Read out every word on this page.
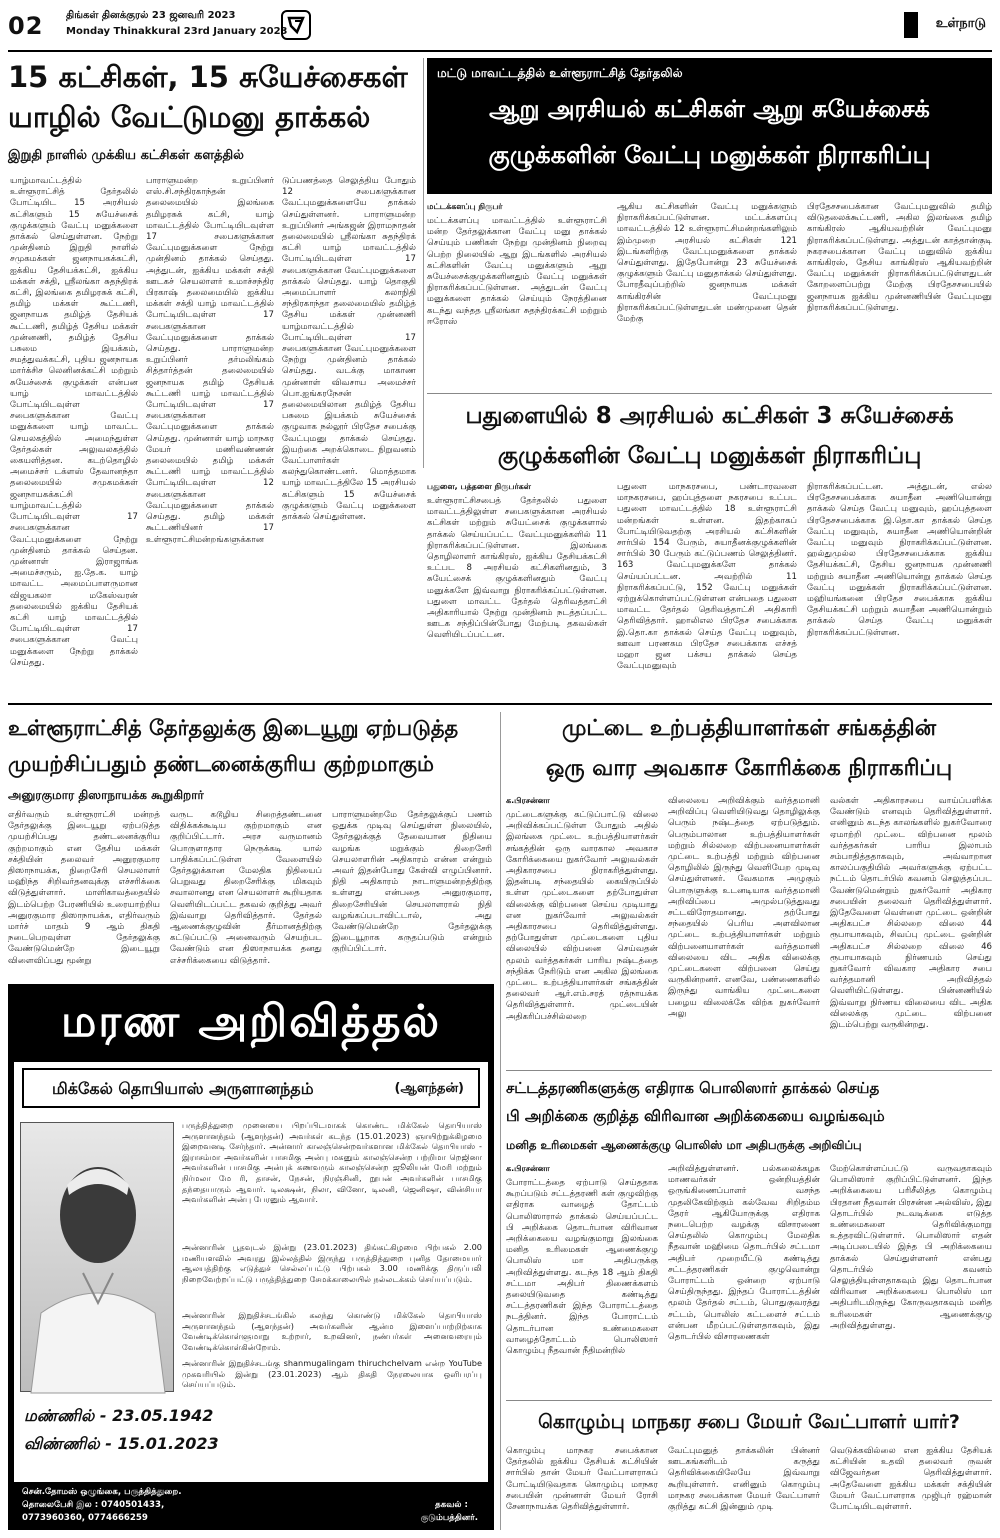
02 திங்கள் தினக்குரல் 23 ஜனவரி 2023
Monday Thinakkural 23rd January 2023
உள்நாடு
15 கட்சிகள், 15 சுயேச்சைகள்
யாழில் வேட்டுமனு தாக்கல்
இறுதி நாளில் முக்கிய கட்சிகள் களத்தில்
யாழ்மாவட்டத்தில் உள்ளூராட்சித் தேர்தலில் போட்டியிட 15 அரசியல் கட்சிகளும் 15 சுயேச்சைக் குழுக்களும் வேட்பு மனுக்களை தாக்கல் செய்துள்ளன. நேற்று முன்தினம் இறுதி நாளில் சமுகமக்கள் ஜனநாயகக்கட்சி, ஐக்கிய தேசியக்கட்சி, ஐக்கிய மக்கள் சக்தி, ஸ்ரீலங்கா சுதந்திரக் கட்சி, இலங்கை தமிழரசுக் கட்சி, தமிழ் மக்கள் கூட்டணி, ஜனநாயக தமிழ்த் தேசியக் கூட்டணி, தமிழ்த் தேசிய மக்கள் முன்னணி, தமிழ்த் தேசிய பசுமை இயக்கம், சமத்துவக்கட்சி, புதிய ஜனநாயக மார்க்சிச லெனினக்கட்சி மற்றும் சுயேச்சைக் குழுக்கள் என்பன யாழ் மாவட்டத்தில் போட்டியிடவுள்ள சபைகளுக்கான வேட்பு மனுக்களை யாழ் மாவட்ட செயலகத்தில் அமைந்துள்ள தேர்தல்கள் அலுவலகத்தில் கையளித்தன. கடற்தொழில் அமைச்சர் டக்ளஸ் தேவானந்தா தலைமையில் சமுகமக்கள் ஜனநாயகக்கட்சி யாழ்மாவட்டத்தில் போட்டியிடவுள்ள 17 சபைகளுக்கான வேட்புமனுக்களை நேற்று முன்தினம் தாக்கல் செய்தன. முன்னாள் இராஜாங்க அமைச்சரும், ஐ.தே.க. யாழ் மாவட்ட அமைப்பாளருமான விஜயகலா மகேஸ்வரன் தலைமையில் ஐக்கிய தேசியக் கட்சி யாழ் மாவட்டத்தில் போட்டியிடவுள்ள 17 சபைகளுக்கான வேட்பு மனுக்களை நேற்று தாக்கல் செய்தது.
பாராளுமன்ற உறுப்பினர் எஸ்.சி.சந்திரகாந்தன் தலைமையில் இலங்கை தமிழரசுக் கட்சி, யாழ் மாவட்டத்தில் போட்டியிடவுள்ள 17 சபைகளுக்கான வேட்புமனுக்களை நேற்று முன்தினம் தாக்கல் செய்தது. அத்துடன், ஐக்கிய மக்கள் சக்தி ஊடகச் செயலாளர் உமாச்சந்திர பிரகாஷ் தலைமையில் ஐக்கிய மக்கள் சக்தி யாழ் மாவட்டத்தில் போட்டியிடவுள்ள 17 சபைகளுக்கான வேட்புமனுக்களை தாக்கல் செய்தது. பாராளுமன்ற உறுப்பினர் தர்மலிங்கம் சித்தார்த்தன் தலைமையில் ஜனநாயக தமிழ் தேசியக் கூட்டணி யாழ் மாவட்டத்தில் போட்டியிடவுள்ள 17 சபைகளுக்கான வேட்புமனுக்களை தாக்கல் செய்தது. முன்னாள் யாழ் மாநகர மேயர் மணிவண்ணன் தலைமையில் தமிழ் மக்கள் கூட்டணி யாழ் மாவட்டத்தில் போட்டியிடவுள்ள 12 சபைகளுக்கான வேட்புமனுக்களை தாக்கல் செய்தது. தமிழ் மக்கள் கூட்டணியினர் 17 உள்ளூராட்சிமன்றங்களுக்கான
டுப்பணத்தை செலுத்திய போதும் 12 சபைகளுக்கான வேட்புமனுக்களையே தாக்கல் செய்துள்ளனர். பாராளுமன்ற உறுப்பினர் அங்கஜன் இராமநாதன் தலைமையில் ஸ்ரீலங்கா சுதந்திரக் கட்சி யாழ் மாவட்டத்தில் போட்டியிடவுள்ள 17 சபைகளுக்கான வேட்புமனுக்களை தாக்கல் செய்தது. யாழ் தொகுதி அமைப்பாளர் கலாநிதி சந்திரகாந்தா தலைமையில் தமிழ்த் தேசிய மக்கள் முன்னணி யாழ்மாவட்டத்தில் போட்டியிடவுள்ள 17 சபைகளுக்கான வேட்புமனுக்களை நேற்று முன்தினம் தாக்கல் செய்தது. வடக்கு மாகாண முன்னாள் விவசாய அமைச்சர் பொ.ஐங்கரநேசன் தலைமையிலான தமிழ்த் தேசிய பசுமை இயக்கம் சுயேச்சைக் குழுவாக நல்லூர் பிரதேச சபைக்கு வேட்புமனு தாக்கல் செய்தது. இயற்கை அறக்கொடை நிறுவனம் வேட்பாளர்கள் கலந்துகொண்டனர். மொத்தமாக யாழ் மாவட்டத்திலே 15 அரசியல் கட்சிகளும் 15 சுயேச்சைக் குழுக்களும் வேட்பு மனுக்களை தாக்கல் செய்துள்ளன.
மட்டு மாவட்டத்தில் உள்ளூராட்சித் தேர்தலில்
ஆறு அரசியல் கட்சிகள் ஆறு சுயேச்சைக்
குழுக்களின் வேட்பு மனுக்கள் நிராகரிப்பு
மட்டக்களப்பு நிருபர்
மட்டக்களப்பு மாவட்டத்தில் உள்ளூராட்சி மன்ற தேர்தலுக்கான வேட்பு மனு தாக்கல் செய்யும் பணிகள் நேற்று முன்தினம் நிறைவு பெற்ற நிலையில் ஆறு இடங்களில் அரசியல் கட்சிகளின் வேட்பு மனுக்களும் ஆறு சுயேச்சைக்குழுக்களினதும் வேட்பு மனுக்கள் நிராகரிக்கப்பட்டுள்ளன. அத்துடன் வேட்பு மனுக்களை தாக்கல் செய்யும் நேரத்தினை கடந்து வந்தத ஸ்ரீலங்கா சுதந்திரக்கட்சி மற்றும் ஈரோஸ்
ஆகிய கட்சிகளின் வேட்பு மனுக்களும் நிராகரிக்கப்பட்டுள்ளன. மட்டக்களப்பு மாவட்டத்தில் 12 உள்ளூராட்சிமன்றங்களிலும் இம்முறை அரசியல் கட்சிகள் 121 இடங்களிற்கு வேட்புமனுக்களை தாக்கல் செய்துள்ளது. இதேபோன்று 23 சுயேச்சைக் குழுக்களும் வேட்பு மனுதாக்கல் செய்துள்ளது. போரதீவுப்பற்றில் ஜனநாயக மக்கள் காங்கிரசின் வேட்புமனு நிராகரிக்கப்பட்டுள்ளதுடன் மண்முனை தென் மேற்கு
பிரதேசசபைக்கான வேட்புமனுவில் தமிழ் விடுதலைக்கூட்டணி, அகில இலங்கை தமிழ் காங்கிரஸ் ஆகியவற்றின் வேட்புமனு நிராகரிக்கப்பட்டுள்ளது. அத்துடன் காத்தான்குடி நகரசபைக்கான வேட்பு மனுவில் ஐக்கிய காங்கிரஸ், தேசிய காங்கிரஸ் ஆகியவற்றின் வேட்பு மனுக்கள் நிராகரிக்கப்பட்டுள்ளதுடன் கோறளைப்பற்று மேற்கு பிரதேசசபையில் ஜனநாயக ஐக்கிய முன்னணியின் வேட்புமனு நிராகரிக்கப்பட்டுள்ளது.
பதுளையில் 8 அரசியல் கட்சிகள் 3 சுயேச்சைக்
குழுக்களின் வேட்பு மனுக்கள் நிராகரிப்பு
பதுளை, பத்தளை நிருபர்கள்
உள்ளூராட்சிசபைத் தேர்தலில் பதுளை மாவட்டத்திலுள்ள சபைகளுக்கான அரசியல் கட்சிகள் மற்றும் சுயேட்சைக் குழுக்களால் தாக்கல் செய்யப்பட்ட வேட்புமனுக்களில் 11 நிராகரிக்கப்பட்டுள்ளன. இலங்கை தொழிலாளர் காங்கிரஸ், ஐக்கிய தேசியக்கட்சி உட்பட 8 அரசியல் கட்சிகளினதும், 3 சுயேட்சைக் குழுக்களினதும் வேட்பு மனுக்களே இவ்வாறு நிராகரிக்கப்பட்டுள்ளன. பதுளை மாவட்ட தேர்தல் தெரிவத்தாட்சி அதிகாரியால் நேற்று முன்தினம் நடத்தப்பட்ட ஊடக சந்திப்பின்போது மேற்படி தகவல்கள் வெளியிடப்பட்டன.
பதுளை மாநகரசபை, பண்டாரவளை மாநகரசபை, ஹப்புத்தளை நகரசபை உட்பட பதுளை மாவட்டத்தில் 18 உள்ளூராட்சி மன்றங்கள் உள்ளன. இதற்காகப் போட்டியிடுவதற்கு அரசியல் கட்சிகளின் சார்பில் 154 பேரும், சுயாதீனக்குழுக்களின் சார்பில் 30 பேரும் கட்டுப்பணம் செலுத்தினர். 163 வேட்புமனுக்களே தாக்கல் செய்யப்பட்டன. அவற்றில் 11 நிராகரிக்கப்பட்டு, 152 வேட்பு மனுக்கள் ஏற்றுக்கொள்ளப்பட்டுள்ளன என்பதை பதுளை மாவட்ட தேர்தல் தெரிவத்தாட்சி அதிகாரி தெரிவித்தார். ஹாலிஎல பிரதேச சபைக்காக இ.தொ.கா தாக்கல் செய்த வேட்பு மனுவும், ஊவா பரணகம பிரதேச சபைக்காக எச்சத் மஹா ஜன பக்சய தாக்கல் செய்த வேட்புமனுவும்
நிராகரிக்கப்பட்டன. அத்துடன், எல்ல பிரதேசசபைக்காக சுயாதீன அணியொன்று தாக்கல் செய்த வேட்பு மனுவும், ஹப்புத்தளை பிரதேசசபைக்காக இ.தொ.கா தாக்கல் செய்த வேட்பு மனுவும், சுயாதீன அணியொன்றின் வேட்பு மனுவும் நிராகரிக்கப்பட்டுள்ளன. ஹல்துமுல்ல பிரதேசசபைக்காக ஐக்கிய தேசியக்கட்சி, தேசிய ஜனநாயக முன்னணி மற்றும் சுயாதீன அணியொன்று தாக்கல் செய்த வேட்பு மனுக்கள் நிராகரிக்கப்பட்டுள்ளன. மஹியங்கனை பிரதேச சபைக்காக ஐக்கிய தேசியக்கட்சி மற்றும் சுயாதீன அணியொன்றும் தாக்கல் செய்த வேட்பு மனுக்கள் நிராகரிக்கப்பட்டுள்ளன.
உள்ளூராட்சித் தேர்தலுக்கு இடையூறு ஏற்படுத்த
முயற்சிப்பதும் தண்டனைக்குரிய குற்றமாகும்
அனுரகுமார திஸாநாயக்க கூறுகிறார்
எதிர்வரும் உள்ளூராட்சி மன்றத் தேர்தலுக்கு இடையூறு ஏற்படுத்த முயற்சிப்பது தண்டனைக்குரிய குற்றமாகும் என தேசிய மக்கள் சக்தியின் தலைவர் அனுரகுமார திஸாநாயக்க, நிறைசேரி செயலாளர் மஹிந்த சிறிவர்தனவுக்கு எச்சரிக்கை விடுத்துள்ளார். மாளிகாவத்தையில் இடம்பெற்ற பேரணியில் உரையாற்றிய அனுரகுமார திஸாநாயக்க, எதிர்வரும் மார்ச் மாதம் 9 ஆம் திகதி நடைபெறவுள்ள தேர்தலுக்கு வேண்டுமென்றே இடையூறு விளைவிப்பது மூன்று
வருட கடூழிய சிறைத்தண்டனை விதிக்கக்கூடிய குற்றமாகும் என குறிப்பிட்டார். அரச வருமானம் பொருளாதார நெருக்கடி யால் பாதிக்கப்பட்டுள்ள வேளையில் தேர்தலுக்கான மேலதிக நிதியைப் பெறுவது திறைசேரிக்கு மிகவும் சவாலானது என செயலாளர் கூறியதாக வெளியிடப்பட்ட தகவல் குறித்து அவர் இவ்வாறு தெரிவித்தார். தேர்தல் ஆணைக்குழுவின் தீர்மானத்திற்கு கட்டுப்பட்டு அனைவரும் செயற்பட வேண்டும் என திஸாநாயக்க தனது எச்சரிக்கையை விடுத்தார்.
பாராளுமன்றமே தேர்தலுக்குப் பணம் ஒதுக்க முடிவு செய்துள்ள நிலையில், தேர்தலுக்குத் தேவையான நிதியை வழங்க மறுக்கும் திறைசேரி செயலாளரின் அதிகாரம் என்ன என்றும் அவர் இதன்போது கேள்வி எழுப்பினார். நிதி அதிகாரம் நாடாளுமன்றத்திற்கு உள்ளது என்பதை அனுரகுமார, திறைசேரியின் செயலாளரால் நிதி வழங்கப்படாவிட்டால், அது வேண்டுமென்றே தேர்தலுக்கு இடையூறாக கருதப்படும் என்றும் குறிப்பிட்டார்.
முட்டை உற்பத்தியாளர்கள் சங்கத்தின்
ஒரு வார அவகாச கோரிக்கை நிராகரிப்பு
க.பிரசன்னா
முட்டைகளுக்கு கட்டுப்பாட்டு விலை அறிவிக்கப்பட்டுள்ள போதும் அதில் இலங்கை முட்டை உற்பத்தியாளர்கள் சங்கத்தின் ஒரு வாரகால அவகாச கோரிக்கையை நுகர்வோர் அலுவல்கள் அதிகாரசபை நிராகரித்துள்ளது. இதன்படி சந்தையில் கையிருப்பில் உள்ள முட்டைகளை தற்போதுள்ள விலைக்கு விற்பனை செய்ய முடியாது என நுகர்வோர் அலுவல்கள் அதிகாரசபை தெரிவித்துள்ளது. தற்போதுள்ள முட்டைகளை புதிய விலையில் விற்பனை செய்வதன் மூலம் வர்த்தகர்கள் பாரிய நஷ்டத்தை சந்திக்க நேரிடும் என அகில இலங்கை முட்டை உற்பத்தியாளர்கள் சங்கத்தின் தலைவர் ஆர்.எம்.சரத் ரத்நாயக்க தெரிவித்துள்ளார். முட்டையின் அதிகரிப்பச்சில்லறை
விலையை அறிவிக்கும் வர்த்தமானி அறிவிப்பு வெளியிடுவது தொழிலுக்கு பெரும் நஷ்டத்தை ஏற்படுத்தும். பெரும்பாலான உற்பத்தியாளர்கள் மற்றும் சில்லறை விற்பனையாளர்கள் முட்டை உற்பத்தி மற்றும் விற்பனை தொழிலில் இருந்து வெளியேற முடிவு செய்துள்ளனர். வேகமாக அழுகும் பொருளுக்கு உடனடியாக வர்த்தமானி அறிவிப்பை அமுல்படுத்துவது சட்டவிரோதமானது. தற்போது சந்தையில் பெரிய அளவிலான முட்டை உற்பத்தியாளர்கள் மற்றும் விற்பனையாளர்கள் வர்த்தமானி விலையை விட அதிக விலைக்கு முட்டைகளை விற்பனை செய்து வருகின்றனர். எனவே, பண்ணைகளில் இருந்து வாங்கிய முட்டைகளை பழைய விலைக்கே விற்க நுகர்வோர் அலு
வல்கள் அதிகாரசபை வாய்ப்பளிக்க வேண்டும் எனவும் தெரிவித்துள்ளார். எனினும் கடந்த காலங்களில் நுகர்வோரை ஏமாற்றி முட்டை விற்பனை மூலம் வர்த்தகர்கள் பாரிய இலாபம் சம்பாதித்ததாகவும், அவ்வாறான காலப்பகுதியில் அவர்களுக்கு ஏற்பட்ட நட்டம் தொடர்பில் கவனம் செலுத்தப்பட வேண்டுமென்றும் நுகர்வோர் அதிகார சபையின் தலைவர் தெரிவித்துள்ளார். இதேவேளை வெள்ளை முட்டை ஒன்றின் அதிகபட்ச சில்லறை விலை 44 ரூபாயாகவும், சிவப்பு முட்டை ஒன்றின் அதிகபட்ச சில்லறை விலை 46 ரூபாயாகவும் நிர்ணயம் செய்து நுகர்வோர் விவகார அதிகார சபை வர்த்தமானி அறிவித்தல் வெளியிட்டுள்ளது. பின்னணியில் இவ்வாறு நிர்ணய விலையை விட அதிக விலைக்கு முட்டை விற்பனை இடம்பெற்று வருகின்றது.
மரண அறிவித்தல்
மிக்கேல் தொபியாஸ் அருளானந்தம்	(ஆளந்தன்)
பருத்தித்துறை முனையை பிறப்பிடமாகக் கொண்ட மிக்கேல் தொபியாஸ் அருளானந்தம் (ஆளந்தன்) அவர்கள் கடந்த (15.01.2023) ஞாயிற்றுக்கிழமை இறைவனடி சேர்ந்தார். அன்னார் காலஞ்சென்றவர்களான மிக்கேல் தொபியாஸ் - இராசம்மா அவர்களின் பாசமிகு அன்பு மகனும் காலஞ்சென்ற பற்றிமா றெஜினா அவர்களின் பாசமிகு அன்புக் கணவரும் காலஞ்சென்ற ஜூலியன் மேரி மற்றும் நிர்மலா மே ரி, தாசன், நேசன், நிரஞ்சினி, றூபன் அவர்களின் பாசமிகு தந்தையாரும் ஆவார். டிலக்ஷன், நிலா, வினோ, டிலனி, ஜெனிஷா, வின்சியா அவர்களின் அன்பு பேரனும் ஆவார்.
அன்னாரின் பூதவுடல் இன்று (23.01.2023) திங்கட்கிழமை பிற்பகல் 2.00 மணியளவில் அவரது இல்லத்தில் இருந்து பருத்தித்துறை புனித தோமையார் ஆலயத்திற்கு எடுத்துச் செல்லப்பட்டு பிற்பகல் 3.00 மணிக்கு திருப்பலி நிறைவேற்றப்பட்டு பருத்தித்துறை சேமக்காலையில் நல்லடக்கம் செய்யப்படும்.
அன்னாரின் இறுதிச்சடங்கில் கலந்து கொண்டு மிக்கேல் தொபியாஸ் அருளானந்தம் (ஆளந்தன்) அவர்களின் ஆன்ம இளைப்பாற்றிற்காக வேண்டிக்கொள்ளுமாறு உற்றார், உறவினர், நண்பர்கள் அனைவரையும் வேண்டிக்கொள்கின்றோம்.
அன்னாரின் இறுதிச்சடங்கு shanmugalingam thiruchchelvam என்ற YouTube முகவரியில் இன்று (23.01.2023) ஆம் திகதி நேரலையாக ஒளிபரப்பு செய்யப்படும்.
மண்ணில் - 23.05.1942
விண்ணில் - 15.01.2023
சென்.தோமஸ் ஒழுங்கை, பருத்தித்துறை.
தொலைபேசி இல : 0740501433,
0773960360, 0774666259
தகவல் :
குடும்பத்தினர்.
சட்டத்தரணிகளுக்கு எதிராக பொலிஸார் தாக்கல் செய்த
பி அறிக்கை குறித்த விரிவான அறிக்கையை வழங்கவும்
மனித உரிமைகள் ஆணைக்குழு பொலிஸ் மா அதிபருக்கு அறிவிப்பு
க.பிரசன்னா
போராட்டத்தை ஏற்பாடு செய்ததாக கூறப்படும் சட்டத்தரணி கள் குழுவிற்கு எதிராக வாழைத் தோட்டம் பொலிஸாரால் தாக்கல் செய்யப்பட்ட பி அறிக்கை தொடர்பான விரிவான அறிக்கையை வழங்குமாறு இலங்கை மனித உரிமைகள் ஆணைக்குழு பொலிஸ் மா அதிபருக்கு அறிவித்துள்ளது. கடந்த 18 ஆம் திகதி சட்டமா அதிபர் திணைக்களம் தலையிடுவதை கண்டித்து சட்டத்தரணிகள் இந்த போராட்டத்தை நடத்தினர். இந்த போராட்டம் தொடர்பான உண்மைகளை வாழைத்தோட்டம் பொலிஸார் கொழும்பு நீதவான் நீதிமன்றில்
அறிவித்துள்ளனர். பல்கலைக்கழக மாணவர்கள் ஒன்றியத்தின் ஒருங்கிணைப்பாளர் வசந்த முதலிகேவிற்கும் கல்வேவ சிறிதம்ம தேரர் ஆகியோருக்கு எதிராக நடைபெற்ற வழக்கு விசாரணை செய்தலில் கொழும்பு மேலதிக நீதவான் மஹிமை தொடர்பில் சட்டமா அதிபர் முறையீட்டு கண்டித்து சட்டத்தரணிகள் குழுவொன்று போராட்டம் ஒன்றை ஏற்பாடு செய்திருந்தது. இந்தப் போராட்டத்தின் மூலம் தேர்தல் சட்டம், பொதுகுவரத்து சட்டம், பொலிஸ் கட்டளைச் சட்டம் என்பன மீறப்பட்டுள்ளதாகவும், இது தொடர்பில் விசாரணைகள்
மேற்கொள்ளப்பட்டு வருவதாகவும் பொலிஸார் குறிப்பிட்டுள்ளனர். இந்த அறிக்கையை பரிசீலித்த கொழும்பு பிரதான நீதவான் பிரசன்ன அல்விஸ், இது தொடர்பில் நடவடிக்கை எடுத்த உண்மைகளை தெரிவிக்குமாறு உத்தரவிட்டுள்ளார். பொலிஸார் எதன் அடிப்படையில் இந்த பி அறிக்கையை தாக்கல் செய்துள்ளனர் என்பது தொடர்பில் கவனம் செலுத்தியுள்ளதாகவும் இது தொடர்பான விரிவான அறிக்கையை பொலிஸ் மா அதிபரிடமிருந்து கோருவதாகவும் மனித உரிமைகள் ஆணைக்குழு அறிவித்துள்ளது.
கொழும்பு மாநகர சபை மேயர் வேட்பாளர் யார்?
கொழும்பு மாநகர சபைக்கான தேர்தலில் ஐக்கிய தேசியக் கட்சியின் சார்பில் தான் மேயர் வேட்பாளராகப் போட்டியிடுவதாக கொழும்பு மாநகர சபையின் முன்னாள் மேயர் ரோசி சேனாநாயக்க தெரிவித்துள்ளார்.
வேட்புமனுத் தாக்கலின் பின்னர் ஊடகங்களிடம் கருத்து தெரிவிக்கையிலேயே இவ்வாறு கூறியுள்ளார். எனினும் கொழும்பு மாநகர சபைக்கான மேயர் வேட்பாளர் குறித்து கட்சி இன்னும் முடி
வெடுக்கவில்லை என ஐக்கிய தேசியக் கட்சியின் உதவி தலைவர் ருவன் விஜேவர்தன தெரிவித்துள்ளார். அதேவேளை ஐக்கிய மக்கள் சக்தியின் மேயர் வேட்பாளராக முஜிபுர் ரஹ்மான் போட்டியிடவுள்ளார்.
